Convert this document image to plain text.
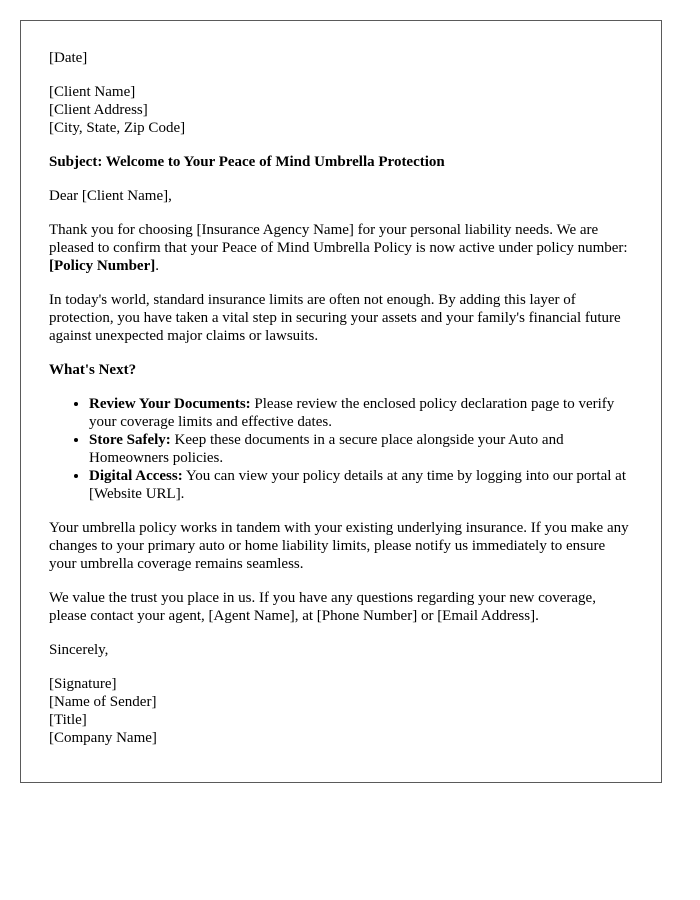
[Date]

[Client Name]
[Client Address]
[City, State, Zip Code]

Subject: Welcome to Your Peace of Mind Umbrella Protection

Dear [Client Name],

Thank you for choosing [Insurance Agency Name] for your personal liability needs. We are pleased to confirm that your Peace of Mind Umbrella Policy is now active under policy number: [Policy Number].

In today's world, standard insurance limits are often not enough. By adding this layer of protection, you have taken a vital step in securing your assets and your family's financial future against unexpected major claims or lawsuits.

What's Next?

• Review Your Documents: Please review the enclosed policy declaration page to verify your coverage limits and effective dates.
• Store Safely: Keep these documents in a secure place alongside your Auto and Homeowners policies.
• Digital Access: You can view your policy details at any time by logging into our portal at [Website URL].

Your umbrella policy works in tandem with your existing underlying insurance. If you make any changes to your primary auto or home liability limits, please notify us immediately to ensure your umbrella coverage remains seamless.

We value the trust you place in us. If you have any questions regarding your new coverage, please contact your agent, [Agent Name], at [Phone Number] or [Email Address].

Sincerely,

[Signature]
[Name of Sender]
[Title]
[Company Name]
